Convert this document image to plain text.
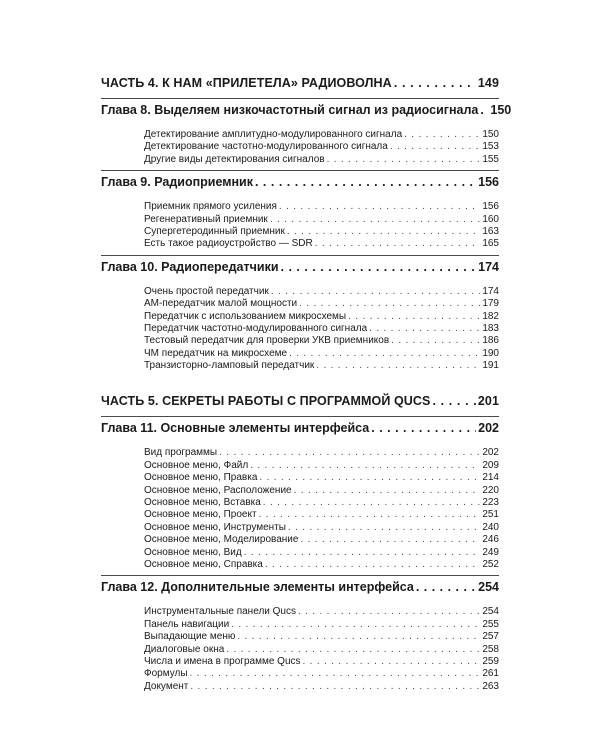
ЧАСТЬ 4. К НАМ «ПРИЛЕТЕЛА» РАДИОВОЛНА . . .	149
Глава 8. Выделяем низкочастотный сигнал из радиосигнала . . . 150
Детектирование амплитудно-модулированного сигнала . . .	150
Детектирование частотно-модулированного сигнала . . .	153
Другие виды детектирования сигналов . . .	155
Глава 9. Радиоприемник . . .	156
Приемник прямого усиления . . .	156
Регенеративный приемник . . .	160
Супергетеродинный приемник . . .	163
Есть такое радиоустройство — SDR . . .	165
Глава 10. Радиопередатчики . . .	174
Очень простой передатчик . . .	174
АМ-передатчик малой мощности . . .	179
Передатчик с использованием микросхемы . . .	182
Передатчик частотно-модулированного сигнала . . .	183
Тестовый передатчик для проверки УКВ приемников . . .	186
ЧМ передатчик на микросхеме . . .	190
Транзисторно-ламповый передатчик . . .	191
ЧАСТЬ 5. СЕКРЕТЫ РАБОТЫ С ПРОГРАММОЙ QUCS . . .	201
Глава 11. Основные элементы интерфейса . . .	202
Вид программы . . .	202
Основное меню, Файл . . .	209
Основное меню, Правка . . .	214
Основное меню, Расположение . . .	220
Основное меню, Вставка . . .	223
Основное меню, Проект . . .	251
Основное меню, Инструменты . . .	240
Основное меню, Моделирование . . .	246
Основное меню, Вид . . .	249
Основное меню, Справка . . .	252
Глава 12. Дополнительные элементы интерфейса . . .	254
Инструментальные панели Qucs . . .	254
Панель навигации . . .	255
Выпадающие меню . . .	257
Диалоговые окна . . .	258
Числа и имена в программе Qucs . . .	259
Формулы . . .	261
Документ . . .	263
